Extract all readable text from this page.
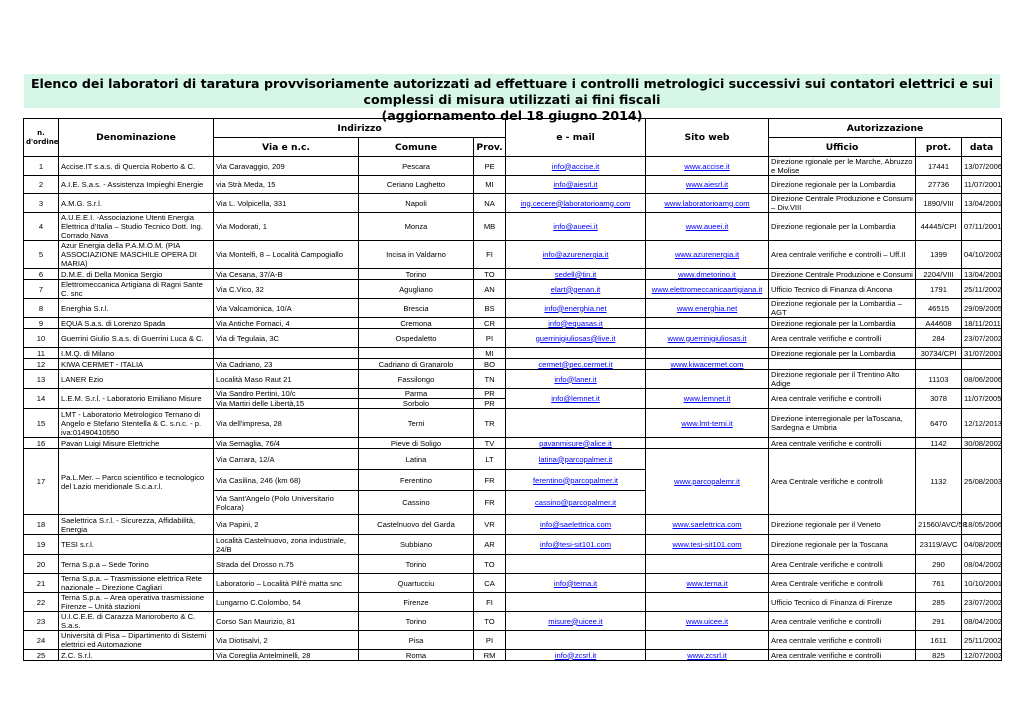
Elenco dei laboratori di taratura provvisoriamente autorizzati ad effettuare i controlli metrologici successivi sui contatori elettrici e sui complessi di misura utilizzati ai fini fiscali
(aggiornamento del 18 giugno 2014)
n. d'ordine	Denominazione	Indirizzo			e - mail	Sito web	Autorizzazione		
		Via e n.c.	Comune	Prov.			Ufficio	prot.	data
1	Accise.IT s.a.s. di Quercia Roberto & C.	Via Caravaggio, 209	Pescara	PE	info@accise.it	www.accise.it	Direzione rgionale per le Marche, Abruzzo e Molise	17441	13/07/2006
2	A.I.E. S.a.s. - Assistenza Impieghi Energie	via Strà Meda, 15	Ceriano Laghetto	MI	info@aiesrl.it	www.aiesrl.it	Direzione regionale per la Lombardia	27736	11/07/2001
3	A.M.G. S.r.l.	Via L. Volpicella, 331	Napoli	NA	ing.cecere@laboratorioamg.com	www.laboratorioamg.com	Direzione Centrale Produzione e Consumi – Div.VIII	1890/VIII	13/04/2001
4	A.U.E.E.I. -Associazione Utenti Energia Elettrica d'Italia – Studio Tecnico Dott. Ing. Corrado Nava	Via Modorati, 1	Monza	MB	info@aueei.it	www.aueei.it	Direzione regionale per la Lombardia	44445/CPI	07/11/2001
5	Azur Energia della P.A.M.O.M. (PIA ASSOCIAZIONE MASCHILE OPERA DI MARIA)	Via Montelfi, 8 – Località Campogiallo	Incisa in Valdarno	FI	info@azurenergia.it	www.azurenergia.it	Area centrale verifiche e controlli – Uff.II	1399	04/10/2002
6	D.M.E. di Della Monica Sergio	Via Cesana, 37/A-B	Torino	TO	sedell@tin.it	www.dmetorino.it	Direzione Centrale Produzione e Consumi	2204/VIII	13/04/2001
7	Elettromeccanica Artigiana di Ragni Sante C. snc	Via C.Vico, 32	Agugliano	AN	elart@genan.it	www.elettromeccanicaartigiana.it	Ufficio Tecnico di Finanza di Ancona	1791	25/11/2002
8	Energhia S.r.l.	Via Valcamonica, 10/A	Brescia	BS	info@energhia.net	www.energhia.net	Direzione regionale per la Lombardia – AGT	46515	29/09/2005
9	EQUA S.a.s. di Lorenzo Spada	Via Antiche Fornaci, 4	Cremona	CR	info@equasas.it		Direzione regionale per la Lombardia	A44608	18/11/2011
10	Guerrini Giulio S.a.s. di Guerrini Luca & C.	Via di Tegulaia, 3C	Ospedaletto	PI	guerrinigiuliosas@live.it	www.guerrinigiuliosas.it	Area centrale verifiche e controlli	284	23/07/2002
11	I.M.Q. di Milano			MI			Direzione regionale per la Lombardia	30734/CPI	31/07/2001
12	KIWA CERMET - ITALIA	Via Cadriano, 23	Cadriano di Granarolo	BO	cermet@pec.cermet.it	www.kiwacermet.com			
13	LANER Ezio	Località Maso Raut 21	Fassilongo	TN	info@laner.it		Direzione regionale per il Trentino Alto Adige	11103	08/06/2006
14	L.E.M. S.r.l. - Laboratorio Emiliano Misure	Via Sandro Pertini, 10/c	Parma	PR	info@lemnet.it	www.lemnet.it	Area centrale verifiche e controlli	3078	11/07/2005
		Via Martiri delle Libertà,15	Sorbolo	PR					
15	LMT - Laboratorio Metrologico Ternano di Angelo e Stefano Stentella & C. s.n.c. - p. iva:01490410550	Via dell'impresa, 28	Terni	TR		www.lmt-terni.it	Direzione interregionale per laToscana, Sardegna e Umbria	6470	12/12/2013
16	Pavan Luigi Misure Elettriche	Via Sernaglia, 76/4	Pieve di Soligo	TV	pavanmisure@alice.it		Area centrale verifiche e controlli	1142	30/08/2002
17	Pa.L.Mer. – Parco scientifico e tecnologico del Lazio meridionale S.c.a.r.l.	Via Carrara, 12/A	Latina	LT	latina@parcopalmer.it	www.parcopalemr.it	Area Centrale verifiche e controlli	1132	25/08/2003
		Via Casilina, 246 (km 68)	Ferentino	FR	ferentino@parcopalmer.it				
		Via Sant'Angelo (Polo Universitario Folcara)	Cassino	FR	cassino@parcopalmer.it				
18	Saelettrica S.r.l. - Sicurezza, Affidabilità, Energia	Via Papini, 2	Castelnuovo del Garda	VR	info@saelettrica.com	www.saelettrica.com	Direzione regionale per il Veneto	21560/AVC/58	18/05/2006
19	TESI s.r.l.	Località Castelnuovo, zona industriale, 24/B	Subbiano	AR	info@tesi-sit101.com	www.tesi-sit101.com	Direzione regionale per la Toscana	23119/AVC	04/08/2005
20	Terna S.p.a – Sede Torino	Strada del Drosso n.75	Torino	TO			Area Centrale verifiche e controlli	290	08/04/2002
21	Terna S.p.a. – Trasmissione elettrica Rete nazionale – Direzione Cagliari	Laboratorio – Località Pill'è matta snc	Quartucciu	CA	info@terna.it	www.terna.it	Area Centrale verifiche e controlli	761	10/10/2001
22	Terna S.p.a. – Area operativa trasmissione Firenze – Unità stazioni	Lungarno C.Colombo, 54	Firenze	FI			Ufficio Tecnico di Finanza di Firenze	285	23/07/2002
23	U.I.C.E.E. di Carazza Marioroberto & C. S.a.s.	Corso San Maurizio, 81	Torino	TO	misure@uicee.it	www.uicee.it	Area centrale verifiche e controlli	291	08/04/2002
24	Università di Pisa – Dipartimento di Sistemi elettrici ed Automazione	Via Diotisalvi, 2	Pisa	PI			Area centrale verifiche e controlli	1611	25/11/2002
25	Z.C. S.r.l.	Via Coreglia Antelminelli, 28	Roma	RM	info@zcsrl.it	www.zcsrl.it	Area centrale verifiche e controlli	825	12/07/2002
